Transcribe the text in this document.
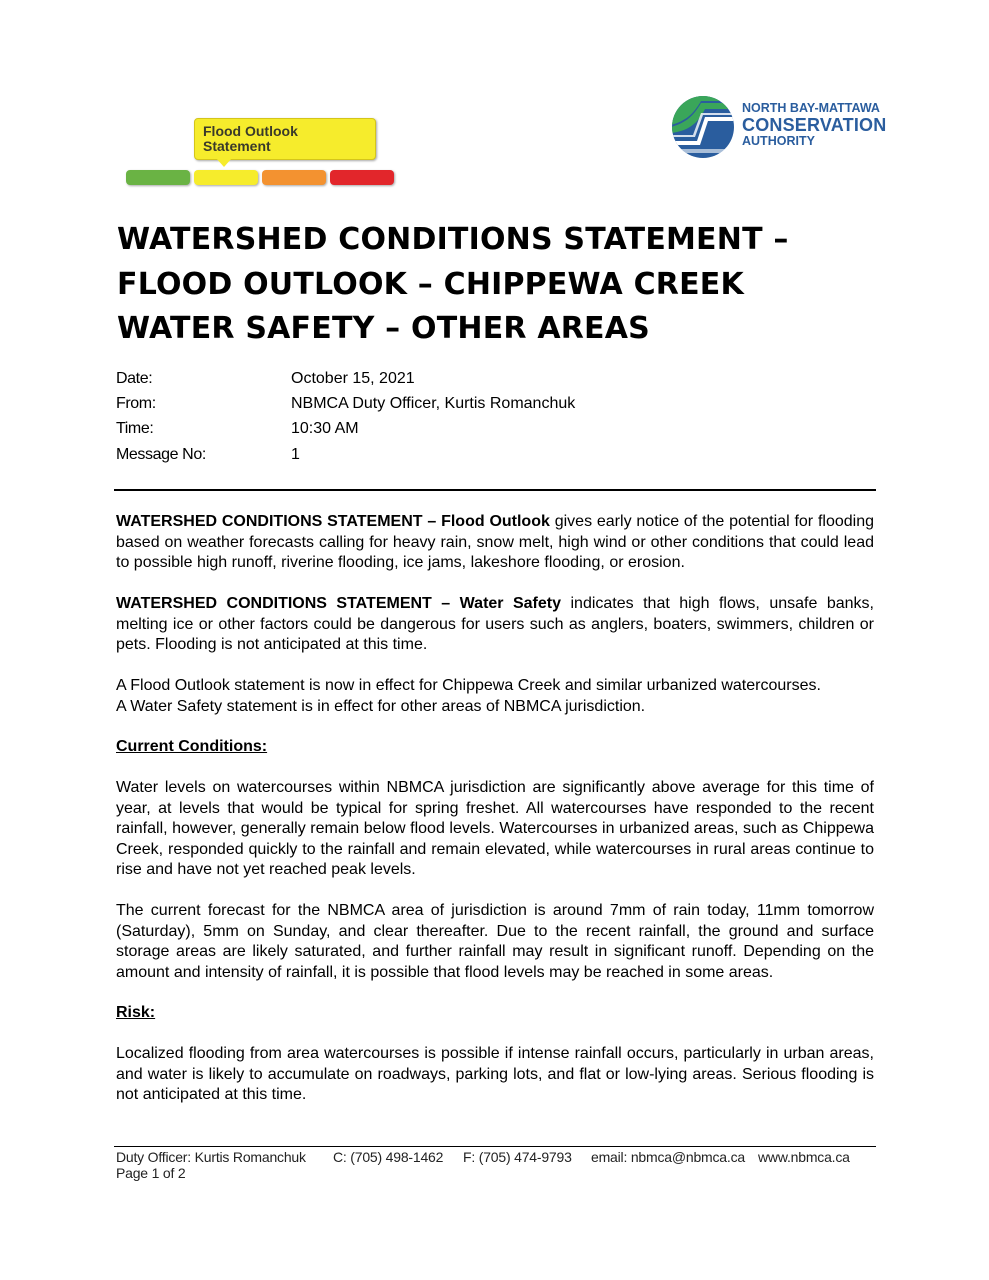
Flood Outlook
Statement
NORTH BAY-MATTAWA
CONSERVATION
AUTHORITY
WATERSHED CONDITIONS STATEMENT –
FLOOD OUTLOOK – CHIPPEWA CREEK
WATER SAFETY – OTHER AREAS
Date:	October 15, 2021
From:	NBMCA Duty Officer, Kurtis Romanchuk
Time:	10:30 AM
Message No:	1
WATERSHED CONDITIONS STATEMENT – Flood Outlook gives early notice of the potential for flooding based on weather forecasts calling for heavy rain, snow melt, high wind or other conditions that could lead to possible high runoff, riverine flooding, ice jams, lakeshore flooding, or erosion.
WATERSHED CONDITIONS STATEMENT – Water Safety indicates that high flows, unsafe banks, melting ice or other factors could be dangerous for users such as anglers, boaters, swimmers, children or pets. Flooding is not anticipated at this time.
A Flood Outlook statement is now in effect for Chippewa Creek and similar urbanized watercourses.
A Water Safety statement is in effect for other areas of NBMCA jurisdiction.
Current Conditions:
Water levels on watercourses within NBMCA jurisdiction are significantly above average for this time of year, at levels that would be typical for spring freshet. All watercourses have responded to the recent rainfall, however, generally remain below flood levels. Watercourses in urbanized areas, such as Chippewa Creek, responded quickly to the rainfall and remain elevated, while watercourses in rural areas continue to rise and have not yet reached peak levels.
The current forecast for the NBMCA area of jurisdiction is around 7mm of rain today, 11mm tomorrow (Saturday), 5mm on Sunday, and clear thereafter. Due to the recent rainfall, the ground and surface storage areas are likely saturated, and further rainfall may result in significant runoff. Depending on the amount and intensity of rainfall, it is possible that flood levels may be reached in some areas.
Risk:
Localized flooding from area watercourses is possible if intense rainfall occurs, particularly in urban areas, and water is likely to accumulate on roadways, parking lots, and flat or low-lying areas. Serious flooding is not anticipated at this time.
Duty Officer: Kurtis Romanchuk C: (705) 498-1462 F: (705) 474-9793 email: nbmca@nbmca.ca www.nbmca.ca
Page 1 of 2
